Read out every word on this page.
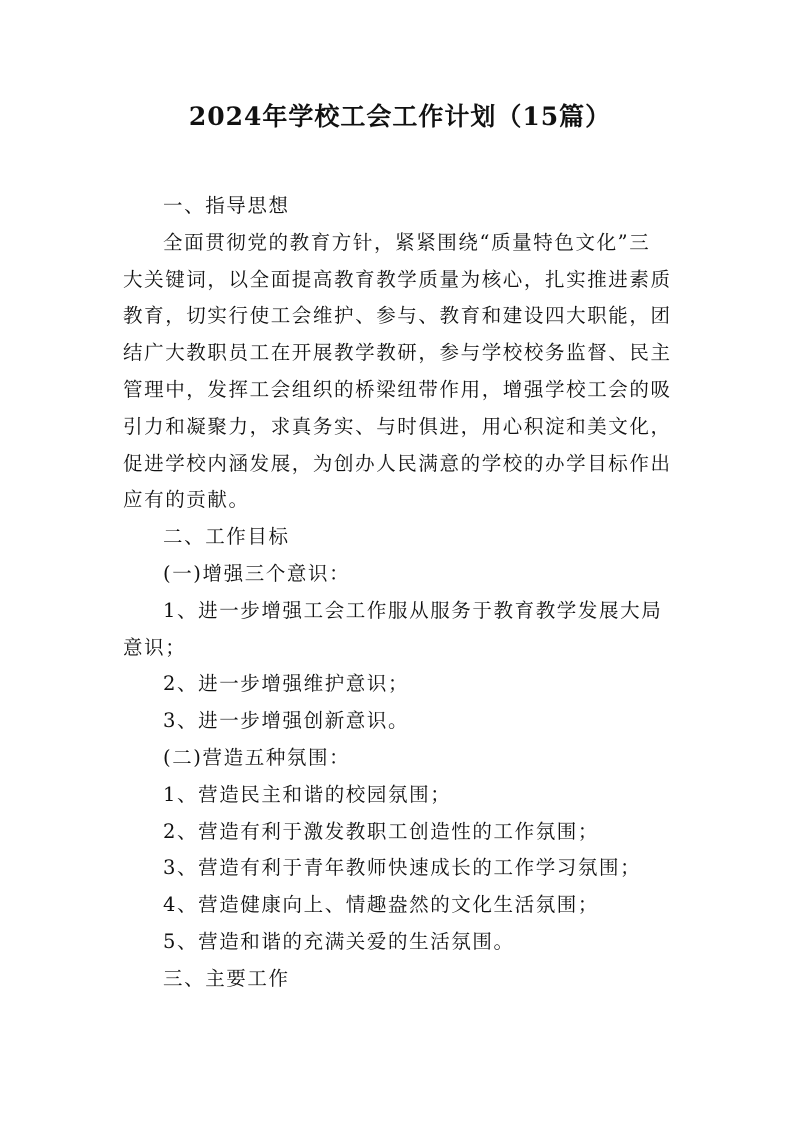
2024年学校工会工作计划（15篇）

一、指导思想

全面贯彻党的教育方针，紧紧围绕“质量特色文化”三

大关键词，以全面提高教育教学质量为核心，扎实推进素质

教育，切实行使工会维护、参与、教育和建设四大职能，团

结广大教职员工在开展教学教研，参与学校校务监督、民主

管理中，发挥工会组织的桥梁纽带作用，增强学校工会的吸

引力和凝聚力，求真务实、与时俱进，用心积淀和美文化，

促进学校内涵发展，为创办人民满意的学校的办学目标作出

应有的贡献。

二、工作目标

(一)增强三个意识：

1、进一步增强工会工作服从服务于教育教学发展大局

意识；

2、进一步增强维护意识；

3、进一步增强创新意识。

(二)营造五种氛围：

1、营造民主和谐的校园氛围；

2、营造有利于激发教职工创造性的工作氛围；

3、营造有利于青年教师快速成长的工作学习氛围；

4、营造健康向上、情趣盎然的文化生活氛围；

5、营造和谐的充满关爱的生活氛围。

三、主要工作
